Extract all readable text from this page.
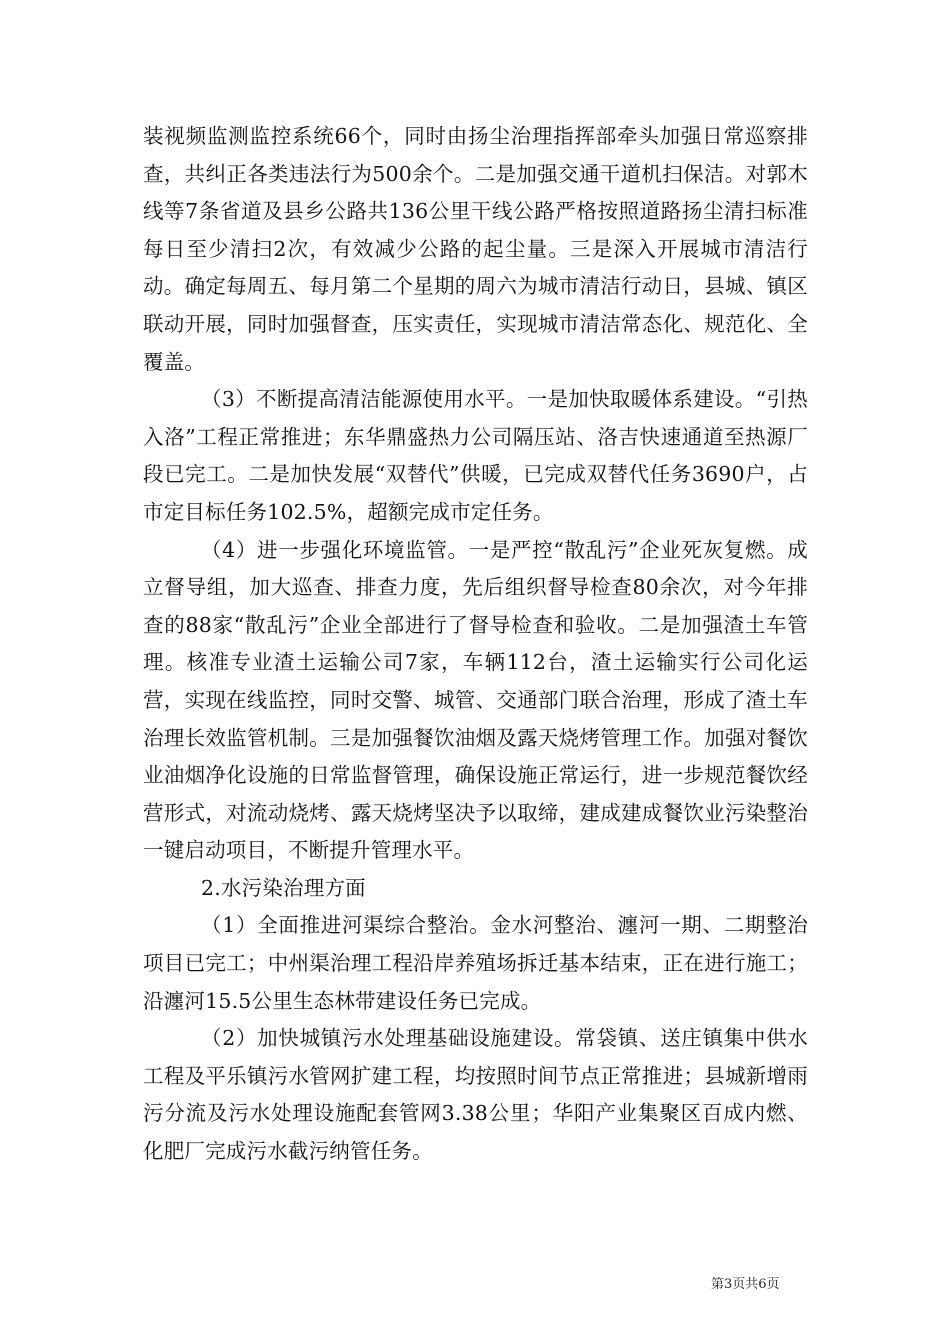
装视频监测监控系统66个，同时由扬尘治理指挥部牵头加强日常巡察排查，共纠正各类违法行为500余个。二是加强交通干道机扫保洁。对郭木线等7条省道及县乡公路共136公里干线公路严格按照道路扬尘清扫标准每日至少清扫2次，有效减少公路的起尘量。三是深入开展城市清洁行动。确定每周五、每月第二个星期的周六为城市清洁行动日，县城、镇区联动开展，同时加强督查，压实责任，实现城市清洁常态化、规范化、全覆盖。

（3）不断提高清洁能源使用水平。一是加快取暖体系建设。“引热入洛”工程正常推进；东华鼎盛热力公司隔压站、洛吉快速通道至热源厂段已完工。二是加快发展“双替代”供暖，已完成双替代任务3690户，占市定目标任务102.5%，超额完成市定任务。

（4）进一步强化环境监管。一是严控“散乱污”企业死灰复燃。成立督导组，加大巡查、排查力度，先后组织督导检查80余次，对今年排查的88家“散乱污”企业全部进行了督导检查和验收。二是加强渣土车管理。核准专业渣土运输公司7家，车辆112台，渣土运输实行公司化运营，实现在线监控，同时交警、城管、交通部门联合治理，形成了渣土车治理长效监管机制。三是加强餐饮油烟及露天烧烤管理工作。加强对餐饮业油烟净化设施的日常监督管理，确保设施正常运行，进一步规范餐饮经营形式，对流动烧烤、露天烧烤坚决予以取缔，建成建成餐饮业污染整治一键启动项目，不断提升管理水平。

2.水污染治理方面

（1）全面推进河渠综合整治。金水河整治、瀍河一期、二期整治项目已完工；中州渠治理工程沿岸养殖场拆迁基本结束，正在进行施工；沿瀍河15.5公里生态林带建设任务已完成。

（2）加快城镇污水处理基础设施建设。常袋镇、送庄镇集中供水工程及平乐镇污水管网扩建工程，均按照时间节点正常推进；县城新增雨污分流及污水处理设施配套管网3.38公里；华阳产业集聚区百成内燃、化肥厂完成污水截污纳管任务。

第3页共6页
